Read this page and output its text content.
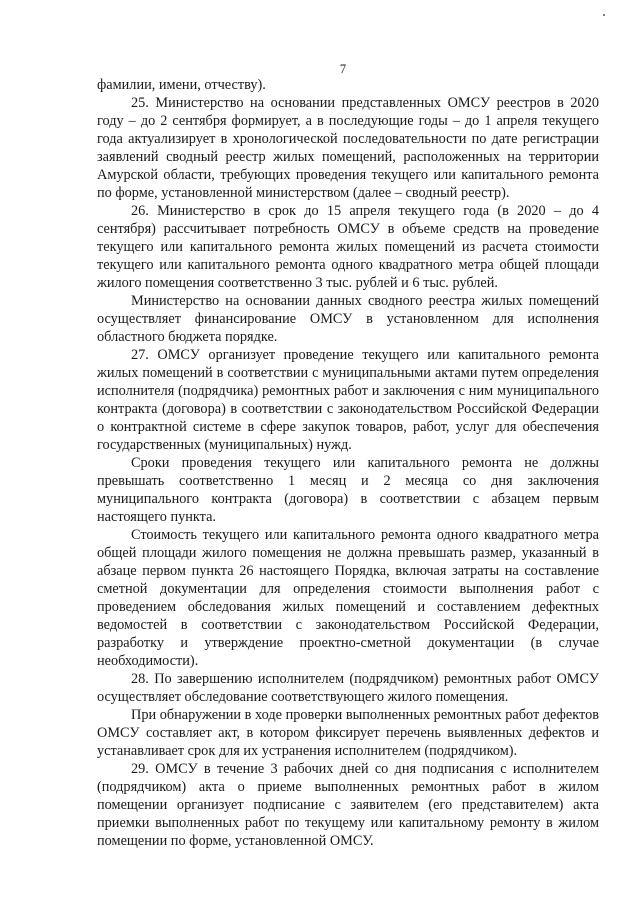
7

фамилии, имени, отчеству).

25. Министерство на основании представленных ОМСУ реестров в 2020 году – до 2 сентября формирует, а в последующие годы – до 1 апреля текущего года актуализирует в хронологической последовательности по дате регистрации заявлений сводный реестр жилых помещений, расположенных на территории Амурской области, требующих проведения текущего или капитального ремонта по форме, установленной министерством (далее – сводный реестр).

26. Министерство в срок до 15 апреля текущего года (в 2020 – до 4 сентября) рассчитывает потребность ОМСУ в объеме средств на проведение текущего или капитального ремонта жилых помещений из расчета стоимости текущего или капитального ремонта одного квадратного метра общей площади жилого помещения соответственно 3 тыс. рублей и 6 тыс. рублей.

Министерство на основании данных сводного реестра жилых помещений осуществляет финансирование ОМСУ в установленном для исполнения областного бюджета порядке.

27. ОМСУ организует проведение текущего или капитального ремонта жилых помещений в соответствии с муниципальными актами путем определения исполнителя (подрядчика) ремонтных работ и заключения с ним муниципального контракта (договора) в соответствии с законодательством Российской Федерации о контрактной системе в сфере закупок товаров, работ, услуг для обеспечения государственных (муниципальных) нужд.

Сроки проведения текущего или капитального ремонта не должны превышать соответственно 1 месяц и 2 месяца со дня заключения муниципального контракта (договора) в соответствии с абзацем первым настоящего пункта.

Стоимость текущего или капитального ремонта одного квадратного метра общей площади жилого помещения не должна превышать размер, указанный в абзаце первом пункта 26 настоящего Порядка, включая затраты на составление сметной документации для определения стоимости выполнения работ с проведением обследования жилых помещений и составлением дефектных ведомостей в соответствии с законодательством Российской Федерации, разработку и утверждение проектно-сметной документации (в случае необходимости).

28. По завершению исполнителем (подрядчиком) ремонтных работ ОМСУ осуществляет обследование соответствующего жилого помещения.

При обнаружении в ходе проверки выполненных ремонтных работ дефектов ОМСУ составляет акт, в котором фиксирует перечень выявленных дефектов и устанавливает срок для их устранения исполнителем (подрядчиком).

29. ОМСУ в течение 3 рабочих дней со дня подписания с исполнителем (подрядчиком) акта о приеме выполненных ремонтных работ в жилом помещении организует подписание с заявителем (его представителем) акта приемки выполненных работ по текущему или капитальному ремонту в жилом помещении по форме, установленной ОМСУ.
